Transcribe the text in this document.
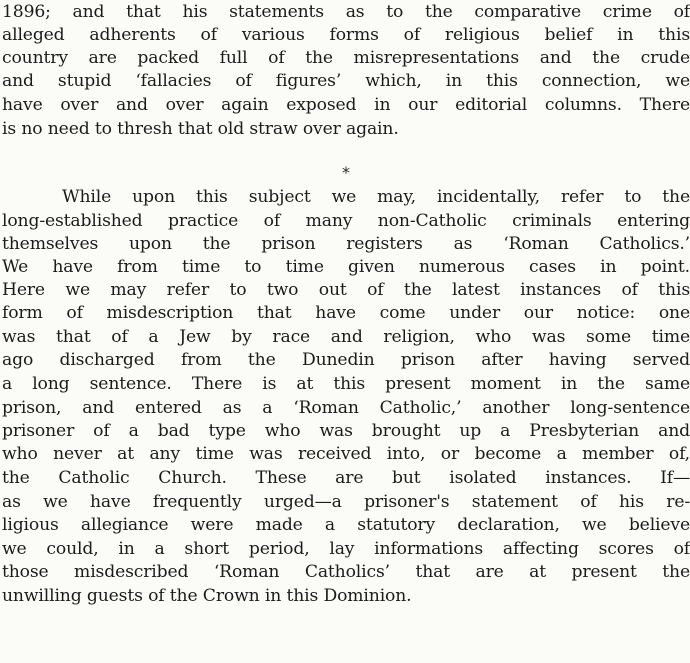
1896; and that his statements as to the comparative crime of
alleged adherents of various forms of religious belief in this
country are packed full of the misrepresentations and the crude
and stupid ‘fallacies of figures’ which, in this connection, we
have over and over again exposed in our editorial columns. There
is no need to thresh that old straw over again.
*
While upon this subject we may, incidentally, refer to the
long-established practice of many non-Catholic criminals entering
themselves upon the prison registers as ‘Roman Catholics.’
We have from time to time given numerous cases in point.
Here we may refer to two out of the latest instances of this
form of misdescription that have come under our notice: one
was that of a Jew by race and religion, who was some time
ago discharged from the Dunedin prison after having served
a long sentence. There is at this present moment in the same
prison, and entered as a ‘Roman Catholic,’ another long-sentence
prisoner of a bad type who was brought up a Presbyterian and
who never at any time was received into, or become a member of,
the Catholic Church. These are but isolated instances. If—
as we have frequently urged—a prisoner's statement of his re-
ligious allegiance were made a statutory declaration, we believe
we could, in a short period, lay informations affecting scores of
those misdescribed ‘Roman Catholics’ that are at present the
unwilling guests of the Crown in this Dominion.
